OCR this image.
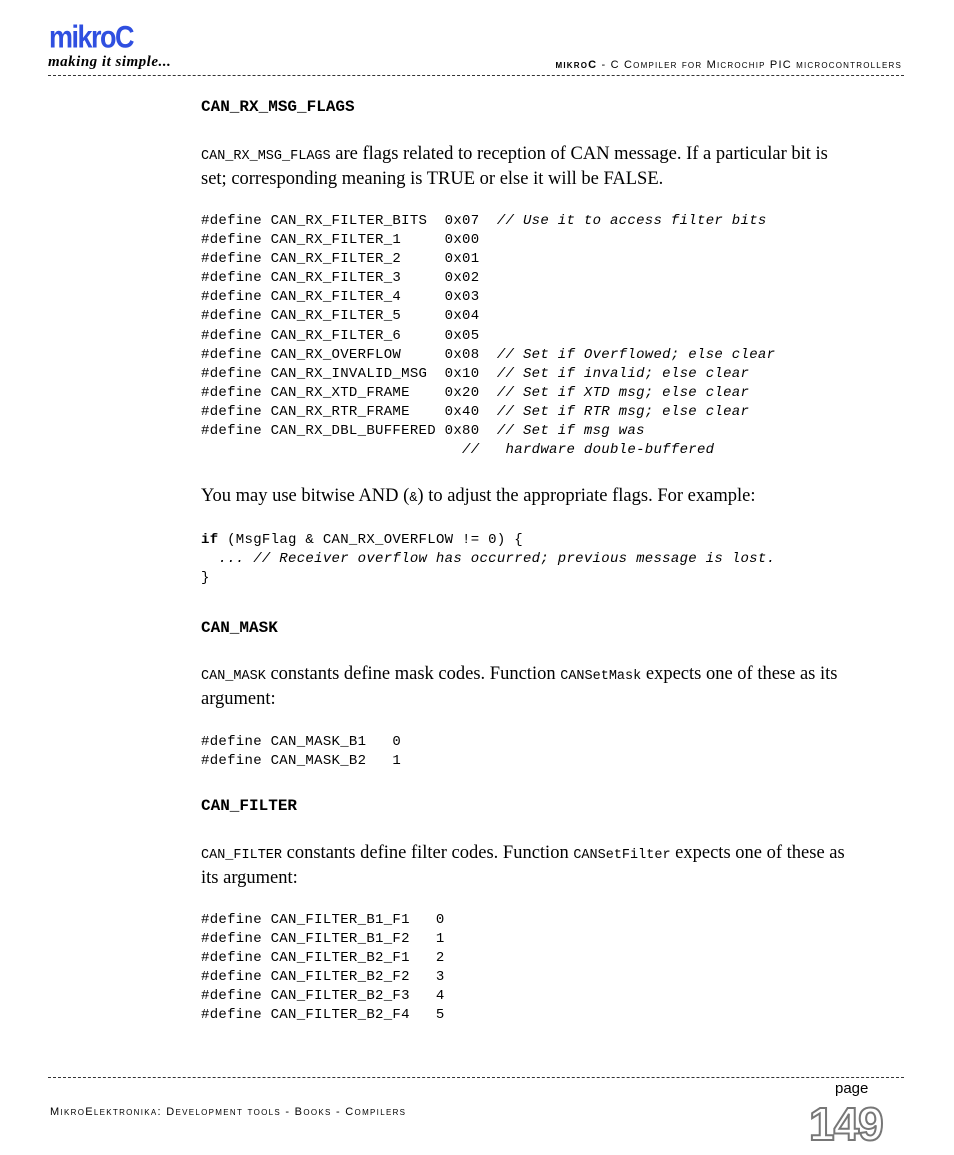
mikroC
making it simple...	mikroC - C Compiler for Microchip PIC microcontrollers
CAN_RX_MSG_FLAGS
CAN_RX_MSG_FLAGS are flags related to reception of CAN message. If a particular bit is set; corresponding meaning is TRUE or else it will be FALSE.
#define CAN_RX_FILTER_BITS  0x07  // Use it to access filter bits
#define CAN_RX_FILTER_1     0x00
#define CAN_RX_FILTER_2     0x01
#define CAN_RX_FILTER_3     0x02
#define CAN_RX_FILTER_4     0x03
#define CAN_RX_FILTER_5     0x04
#define CAN_RX_FILTER_6     0x05
#define CAN_RX_OVERFLOW     0x08  // Set if Overflowed; else clear
#define CAN_RX_INVALID_MSG  0x10  // Set if invalid; else clear
#define CAN_RX_XTD_FRAME    0x20  // Set if XTD msg; else clear
#define CAN_RX_RTR_FRAME    0x40  // Set if RTR msg; else clear
#define CAN_RX_DBL_BUFFERED 0x80  // Set if msg was
//   hardware double-buffered
You may use bitwise AND (&) to adjust the appropriate flags. For example:
if (MsgFlag & CAN_RX_OVERFLOW != 0) {
... // Receiver overflow has occurred; previous message is lost.
}
CAN_MASK
CAN_MASK constants define mask codes. Function CANSetMask expects one of these as its argument:
#define CAN_MASK_B1   0
#define CAN_MASK_B2   1
CAN_FILTER
CAN_FILTER constants define filter codes. Function CANSetFilter expects one of these as its argument:
#define CAN_FILTER_B1_F1   0
#define CAN_FILTER_B1_F2   1
#define CAN_FILTER_B2_F1   2
#define CAN_FILTER_B2_F2   3
#define CAN_FILTER_B2_F3   4
#define CAN_FILTER_B2_F4   5
MikroElektronika: Development tools - Books - Compilers
page
149
